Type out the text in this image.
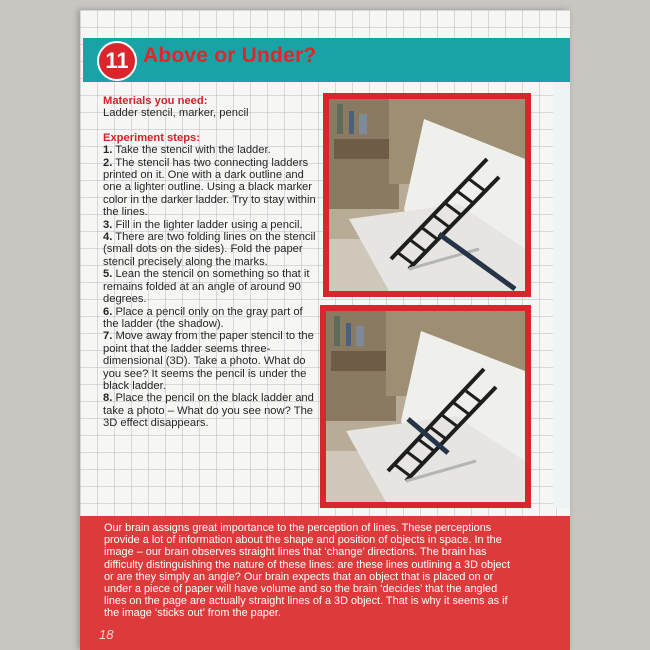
11 Above or Under?

Materials you need:

Ladder stencil, marker, pencil

Experiment steps:

1. Take the stencil with the ladder.

2. The stencil has two connecting ladders printed on it. One with a dark outline and one a lighter outline. Using a black marker color in the darker ladder. Try to stay within the lines.

3. Fill in the lighter ladder using a pencil.

4. There are two folding lines on the stencil (small dots on the sides). Fold the paper stencil precisely along the marks.

5. Lean the stencil on something so that it remains folded at an angle of around 90 degrees.

6. Place a pencil only on the gray part of the ladder (the shadow).

7. Move away from the paper stencil to the point that the ladder seems three-dimensional (3D). Take a photo. What do you see? It seems the pencil is under the black ladder.

8. Place the pencil on the black ladder and take a photo – What do you see now? The 3D effect disappears.

Our brain assigns great importance to the perception of lines. These perceptions provide a lot of information about the shape and position of objects in space. In the image – our brain observes straight lines that ‘change’ directions. The brain has difficulty distinguishing the nature of these lines: are these lines outlining a 3D object or are they simply an angle? Our brain expects that an object that is placed on or under a piece of paper will have volume and so the brain ‘decides’ that the angled lines on the page are actually straight lines of a 3D object. That is why it seems as if the image ‘sticks out’ from the paper.
18
